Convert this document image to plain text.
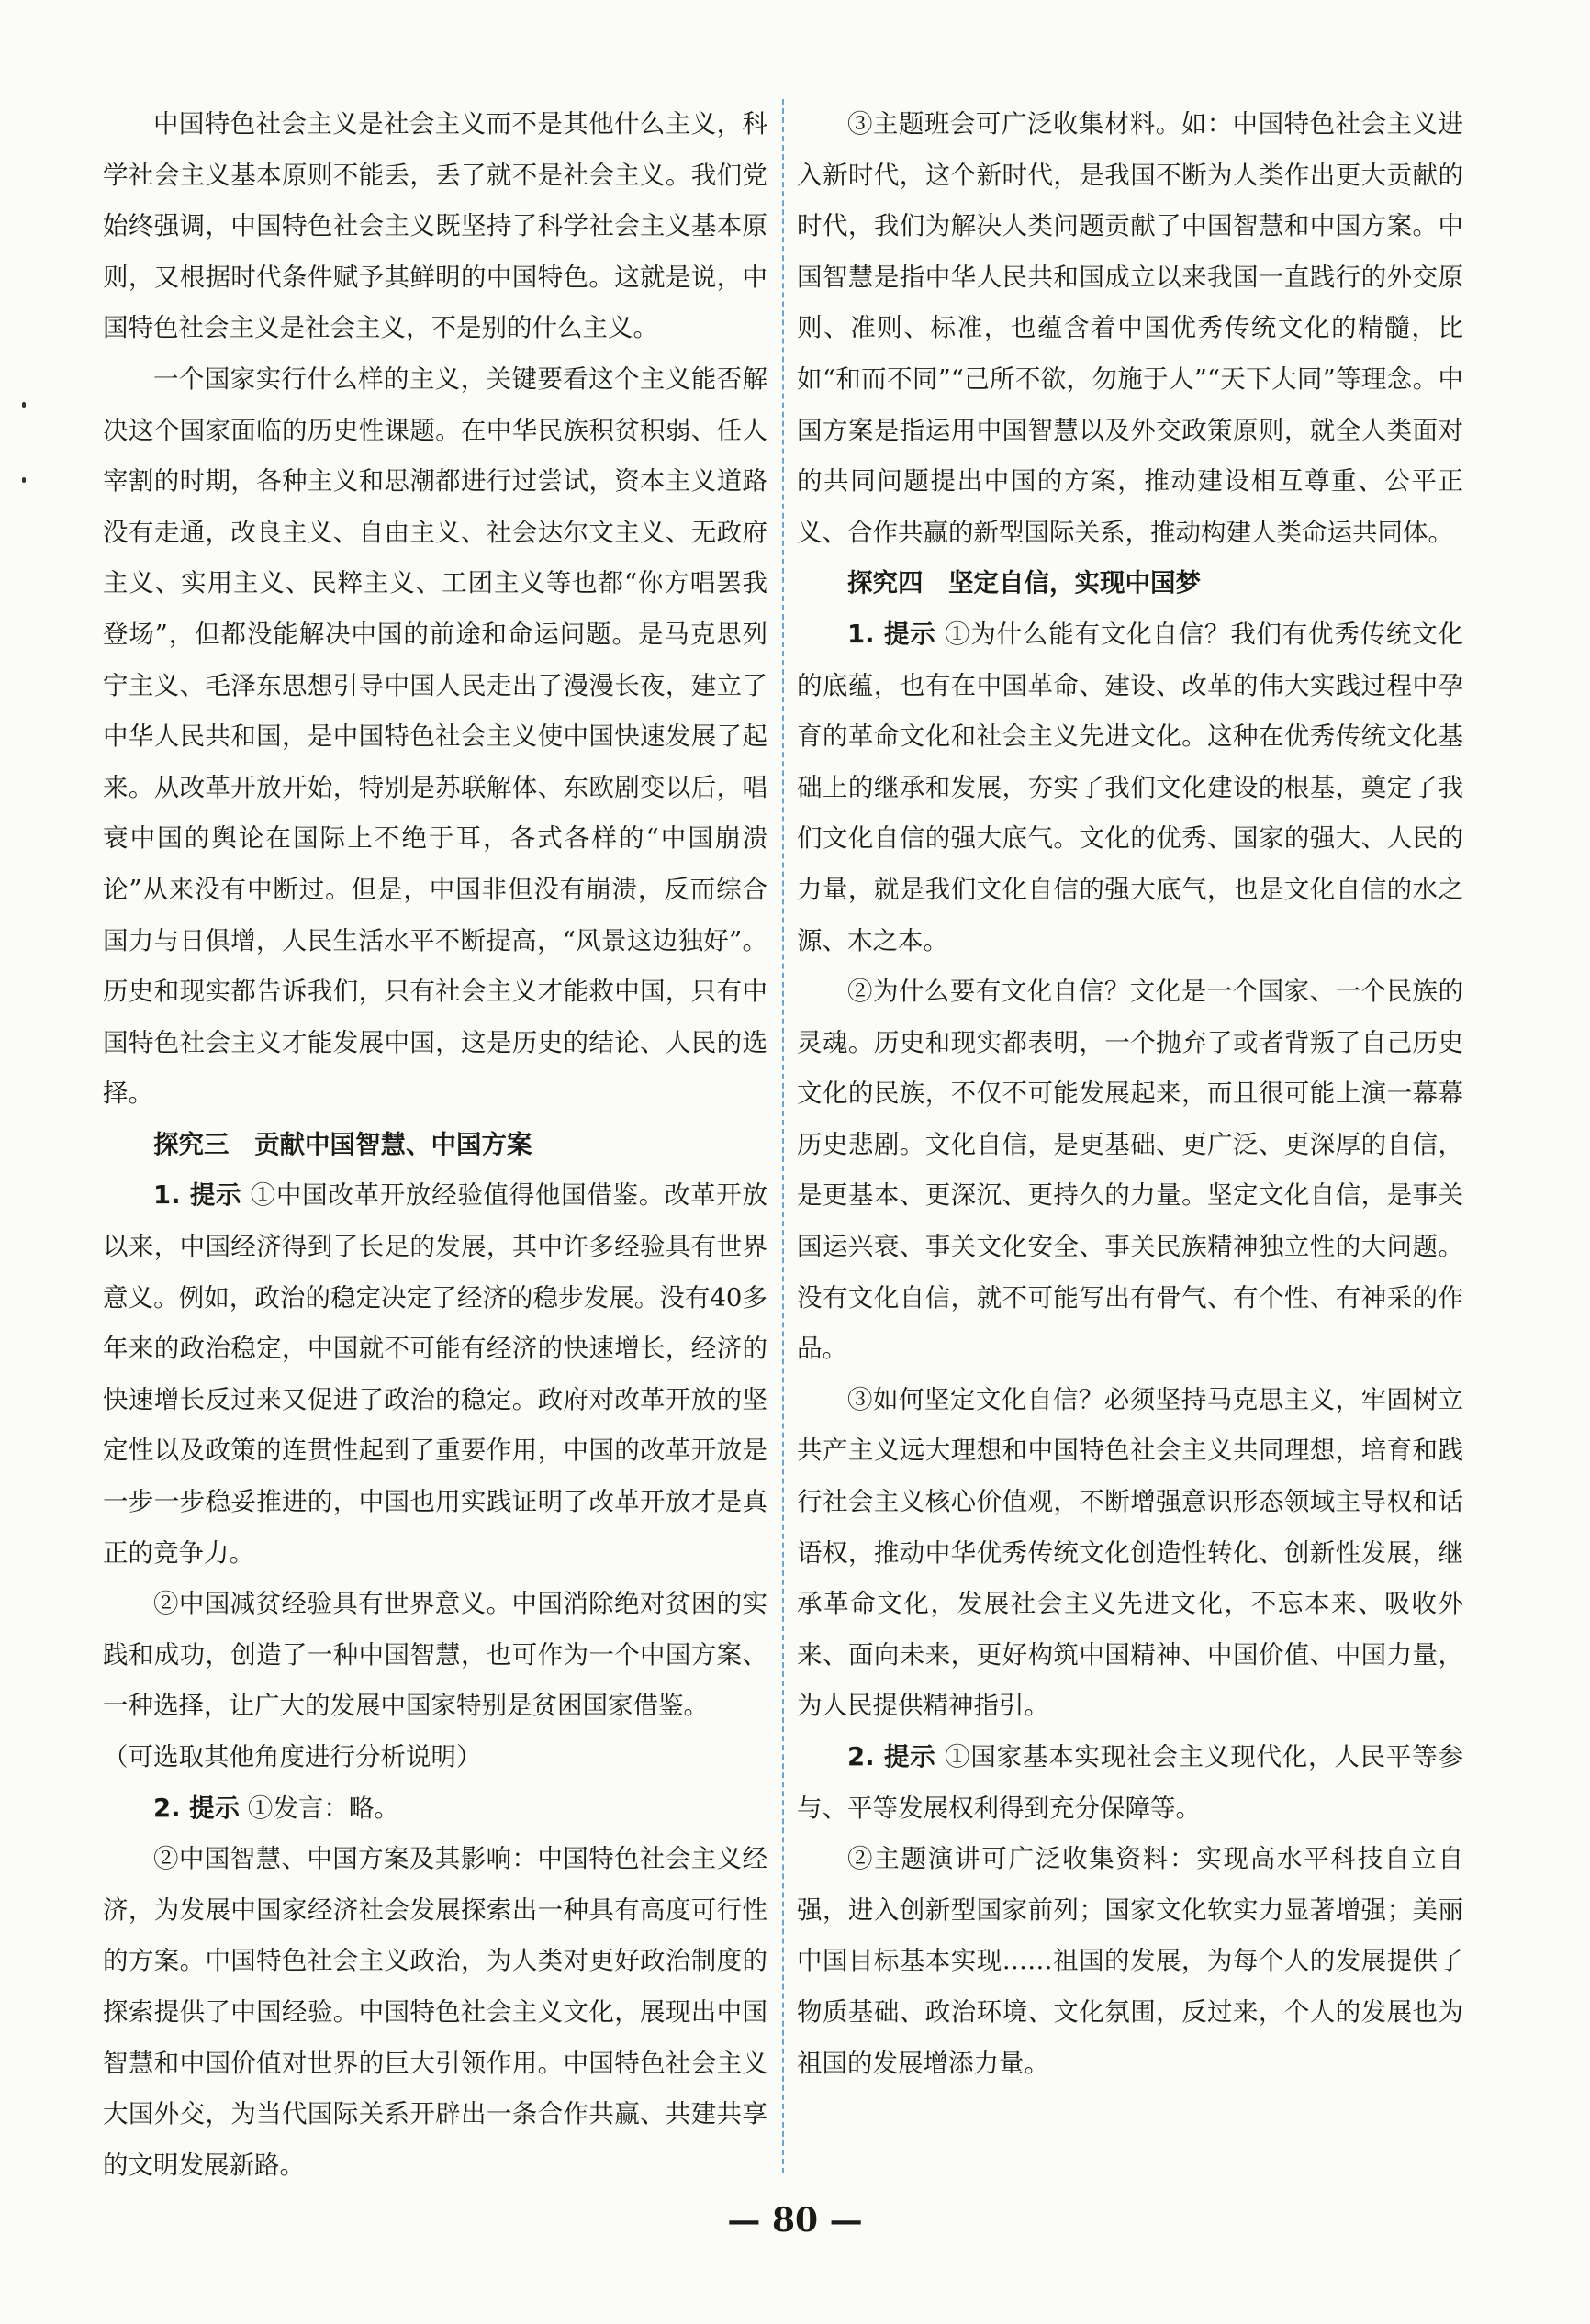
中国特色社会主义是社会主义而不是其他什么主义，科学社会主义基本原则不能丢，丢了就不是社会主义。我们党始终强调，中国特色社会主义既坚持了科学社会主义基本原则，又根据时代条件赋予其鲜明的中国特色。这就是说，中国特色社会主义是社会主义，不是别的什么主义。

一个国家实行什么样的主义，关键要看这个主义能否解决这个国家面临的历史性课题。在中华民族积贫积弱、任人宰割的时期，各种主义和思潮都进行过尝试，资本主义道路没有走通，改良主义、自由主义、社会达尔文主义、无政府主义、实用主义、民粹主义、工团主义等也都“你方唱罢我登场”，但都没能解决中国的前途和命运问题。是马克思列宁主义、毛泽东思想引导中国人民走出了漫漫长夜，建立了中华人民共和国，是中国特色社会主义使中国快速发展了起来。从改革开放开始，特别是苏联解体、东欧剧变以后，唱衰中国的舆论在国际上不绝于耳，各式各样的“中国崩溃论”从来没有中断过。但是，中国非但没有崩溃，反而综合国力与日俱增，人民生活水平不断提高，“风景这边独好”。历史和现实都告诉我们，只有社会主义才能救中国，只有中国特色社会主义才能发展中国，这是历史的结论、人民的选择。

探究三　贡献中国智慧、中国方案

1. 提示 ①中国改革开放经验值得他国借鉴。改革开放以来，中国经济得到了长足的发展，其中许多经验具有世界意义。例如，政治的稳定决定了经济的稳步发展。没有40多年来的政治稳定，中国就不可能有经济的快速增长，经济的快速增长反过来又促进了政治的稳定。政府对改革开放的坚定性以及政策的连贯性起到了重要作用，中国的改革开放是一步一步稳妥推进的，中国也用实践证明了改革开放才是真正的竞争力。

②中国减贫经验具有世界意义。中国消除绝对贫困的实践和成功，创造了一种中国智慧，也可作为一个中国方案、一种选择，让广大的发展中国家特别是贫困国家借鉴。

（可选取其他角度进行分析说明）

2. 提示 ①发言：略。

②中国智慧、中国方案及其影响：中国特色社会主义经济，为发展中国家经济社会发展探索出一种具有高度可行性的方案。中国特色社会主义政治，为人类对更好政治制度的探索提供了中国经验。中国特色社会主义文化，展现出中国智慧和中国价值对世界的巨大引领作用。中国特色社会主义大国外交，为当代国际关系开辟出一条合作共赢、共建共享的文明发展新路。

③主题班会可广泛收集材料。如：中国特色社会主义进入新时代，这个新时代，是我国不断为人类作出更大贡献的时代，我们为解决人类问题贡献了中国智慧和中国方案。中国智慧是指中华人民共和国成立以来我国一直践行的外交原则、准则、标准，也蕴含着中国优秀传统文化的精髓，比如“和而不同”“己所不欲，勿施于人”“天下大同”等理念。中国方案是指运用中国智慧以及外交政策原则，就全人类面对的共同问题提出中国的方案，推动建设相互尊重、公平正义、合作共赢的新型国际关系，推动构建人类命运共同体。

探究四　坚定自信，实现中国梦

1. 提示 ①为什么能有文化自信？我们有优秀传统文化的底蕴，也有在中国革命、建设、改革的伟大实践过程中孕育的革命文化和社会主义先进文化。这种在优秀传统文化基础上的继承和发展，夯实了我们文化建设的根基，奠定了我们文化自信的强大底气。文化的优秀、国家的强大、人民的力量，就是我们文化自信的强大底气，也是文化自信的水之源、木之本。

②为什么要有文化自信？文化是一个国家、一个民族的灵魂。历史和现实都表明，一个抛弃了或者背叛了自己历史文化的民族，不仅不可能发展起来，而且很可能上演一幕幕历史悲剧。文化自信，是更基础、更广泛、更深厚的自信，是更基本、更深沉、更持久的力量。坚定文化自信，是事关国运兴衰、事关文化安全、事关民族精神独立性的大问题。没有文化自信，就不可能写出有骨气、有个性、有神采的作品。

③如何坚定文化自信？必须坚持马克思主义，牢固树立共产主义远大理想和中国特色社会主义共同理想，培育和践行社会主义核心价值观，不断增强意识形态领域主导权和话语权，推动中华优秀传统文化创造性转化、创新性发展，继承革命文化，发展社会主义先进文化，不忘本来、吸收外来、面向未来，更好构筑中国精神、中国价值、中国力量，为人民提供精神指引。

2. 提示 ①国家基本实现社会主义现代化，人民平等参与、平等发展权利得到充分保障等。

②主题演讲可广泛收集资料：实现高水平科技自立自强，进入创新型国家前列；国家文化软实力显著增强；美丽中国目标基本实现……祖国的发展，为每个人的发展提供了物质基础、政治环境、文化氛围，反过来，个人的发展也为祖国的发展增添力量。

— 80 —
